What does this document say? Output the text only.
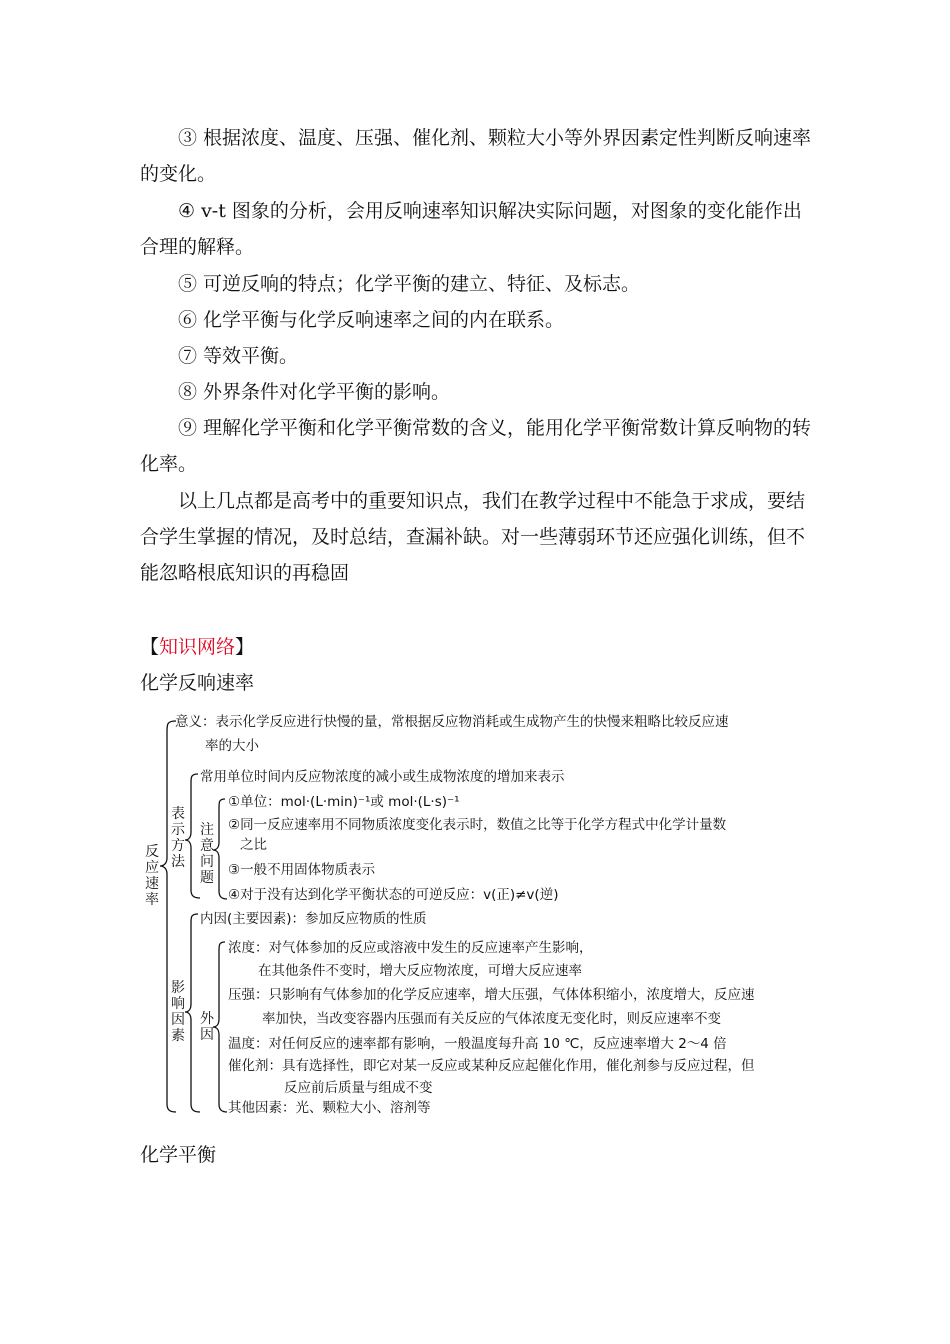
③ 根据浓度、温度、压强、催化剂、颗粒大小等外界因素定性判断反响速率的变化。

④ v-t 图象的分析，会用反响速率知识解决实际问题，对图象的变化能作出合理的解释。

⑤ 可逆反响的特点；化学平衡的建立、特征、及标志。

⑥ 化学平衡与化学反响速率之间的内在联系。

⑦ 等效平衡。

⑧ 外界条件对化学平衡的影响。

⑨ 理解化学平衡和化学平衡常数的含义，能用化学平衡常数计算反响物的转化率。

以上几点都是高考中的重要知识点，我们在教学过程中不能急于求成，要结合学生掌握的情况，及时总结，查漏补缺。对一些薄弱环节还应强化训练，但不能忽略根底知识的再稳固

【知识网络】
化学反响速率
反应速率
表示方法
注意问题
影响因素
外因
意义：表示化学反应进行快慢的量，常根据反应物消耗或生成物产生的快慢来粗略比较反应速
率的大小
常用单位时间内反应物浓度的减小或生成物浓度的增加来表示
①单位：mol·(L·min)⁻¹或 mol·(L·s)⁻¹
②同一反应速率用不同物质浓度变化表示时，数值之比等于化学方程式中化学计量数
之比
③一般不用固体物质表示
④对于没有达到化学平衡状态的可逆反应：v(正)≠v(逆)
内因(主要因素)：参加反应物质的性质
浓度：对气体参加的反应或溶液中发生的反应速率产生影响，
在其他条件不变时，增大反应物浓度，可增大反应速率
压强：只影响有气体参加的化学反应速率，增大压强，气体体积缩小，浓度增大，反应速
率加快，当改变容器内压强而有关反应的气体浓度无变化时，则反应速率不变
温度：对任何反应的速率都有影响，一般温度每升高 10 ℃，反应速率增大 2～4 倍
催化剂：具有选择性，即它对某一反应或某种反应起催化作用，催化剂参与反应过程，但
反应前后质量与组成不变
其他因素：光、颗粒大小、溶剂等
化学平衡
